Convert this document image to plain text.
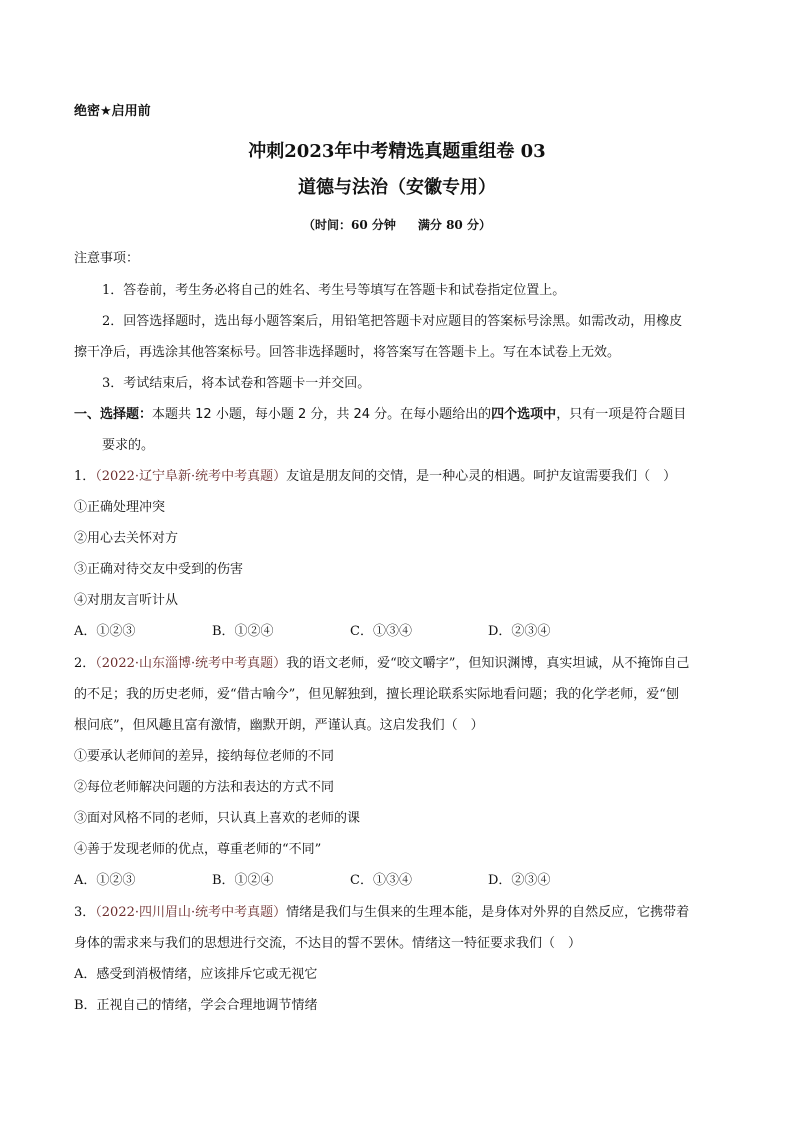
绝密★启用前
冲刺2023年中考精选真题重组卷 03
道德与法治（安徽专用）
（时间：60 分钟 满分 80 分）
注意事项：
1．答卷前，考生务必将自己的姓名、考生号等填写在答题卡和试卷指定位置上。
2．回答选择题时，选出每小题答案后，用铅笔把答题卡对应题目的答案标号涂黑。如需改动，用橡皮
擦干净后，再选涂其他答案标号。回答非选择题时，将答案写在答题卡上。写在本试卷上无效。
3．考试结束后，将本试卷和答题卡一并交回。
一、选择题：本题共 12 小题，每小题 2 分，共 24 分。在每小题给出的四个选项中，只有一项是符合题目
要求的。
1．（2022·辽宁阜新·统考中考真题）友谊是朋友间的交情，是一种心灵的相遇。呵护友谊需要我们（　）
①正确处理冲突
②用心去关怀对方
③正确对待交友中受到的伤害
④对朋友言听计从
A．①②③	B．①②④	C．①③④	D．②③④
2．（2022·山东淄博·统考中考真题）我的语文老师，爱“咬文嚼字”，但知识渊博，真实坦诚，从不掩饰自己
的不足；我的历史老师，爱“借古喻今”，但见解独到，擅长理论联系实际地看问题；我的化学老师，爱“刨
根问底”，但风趣且富有激情，幽默开朗，严谨认真。这启发我们（　）
①要承认老师间的差异，接纳每位老师的不同
②每位老师解决问题的方法和表达的方式不同
③面对风格不同的老师，只认真上喜欢的老师的课
④善于发现老师的优点，尊重老师的“不同”
A．①②③	B．①②④	C．①③④	D．②③④
3．（2022·四川眉山·统考中考真题）情绪是我们与生俱来的生理本能，是身体对外界的自然反应，它携带着
身体的需求来与我们的思想进行交流，不达目的誓不罢休。情绪这一特征要求我们（　）
A．感受到消极情绪，应该排斥它或无视它
B．正视自己的情绪，学会合理地调节情绪
